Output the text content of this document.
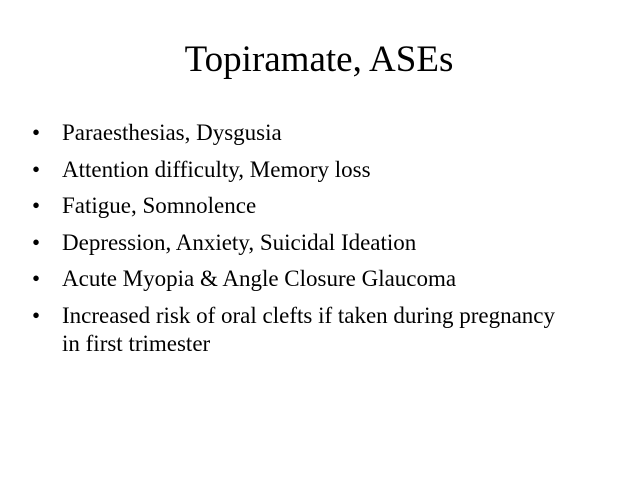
Topiramate, ASEs
• Paraesthesias, Dysgusia
• Attention difficulty, Memory loss
• Fatigue, Somnolence
• Depression, Anxiety, Suicidal Ideation
• Acute Myopia & Angle Closure Glaucoma
• Increased risk of oral clefts if taken during pregnancy in first trimester
